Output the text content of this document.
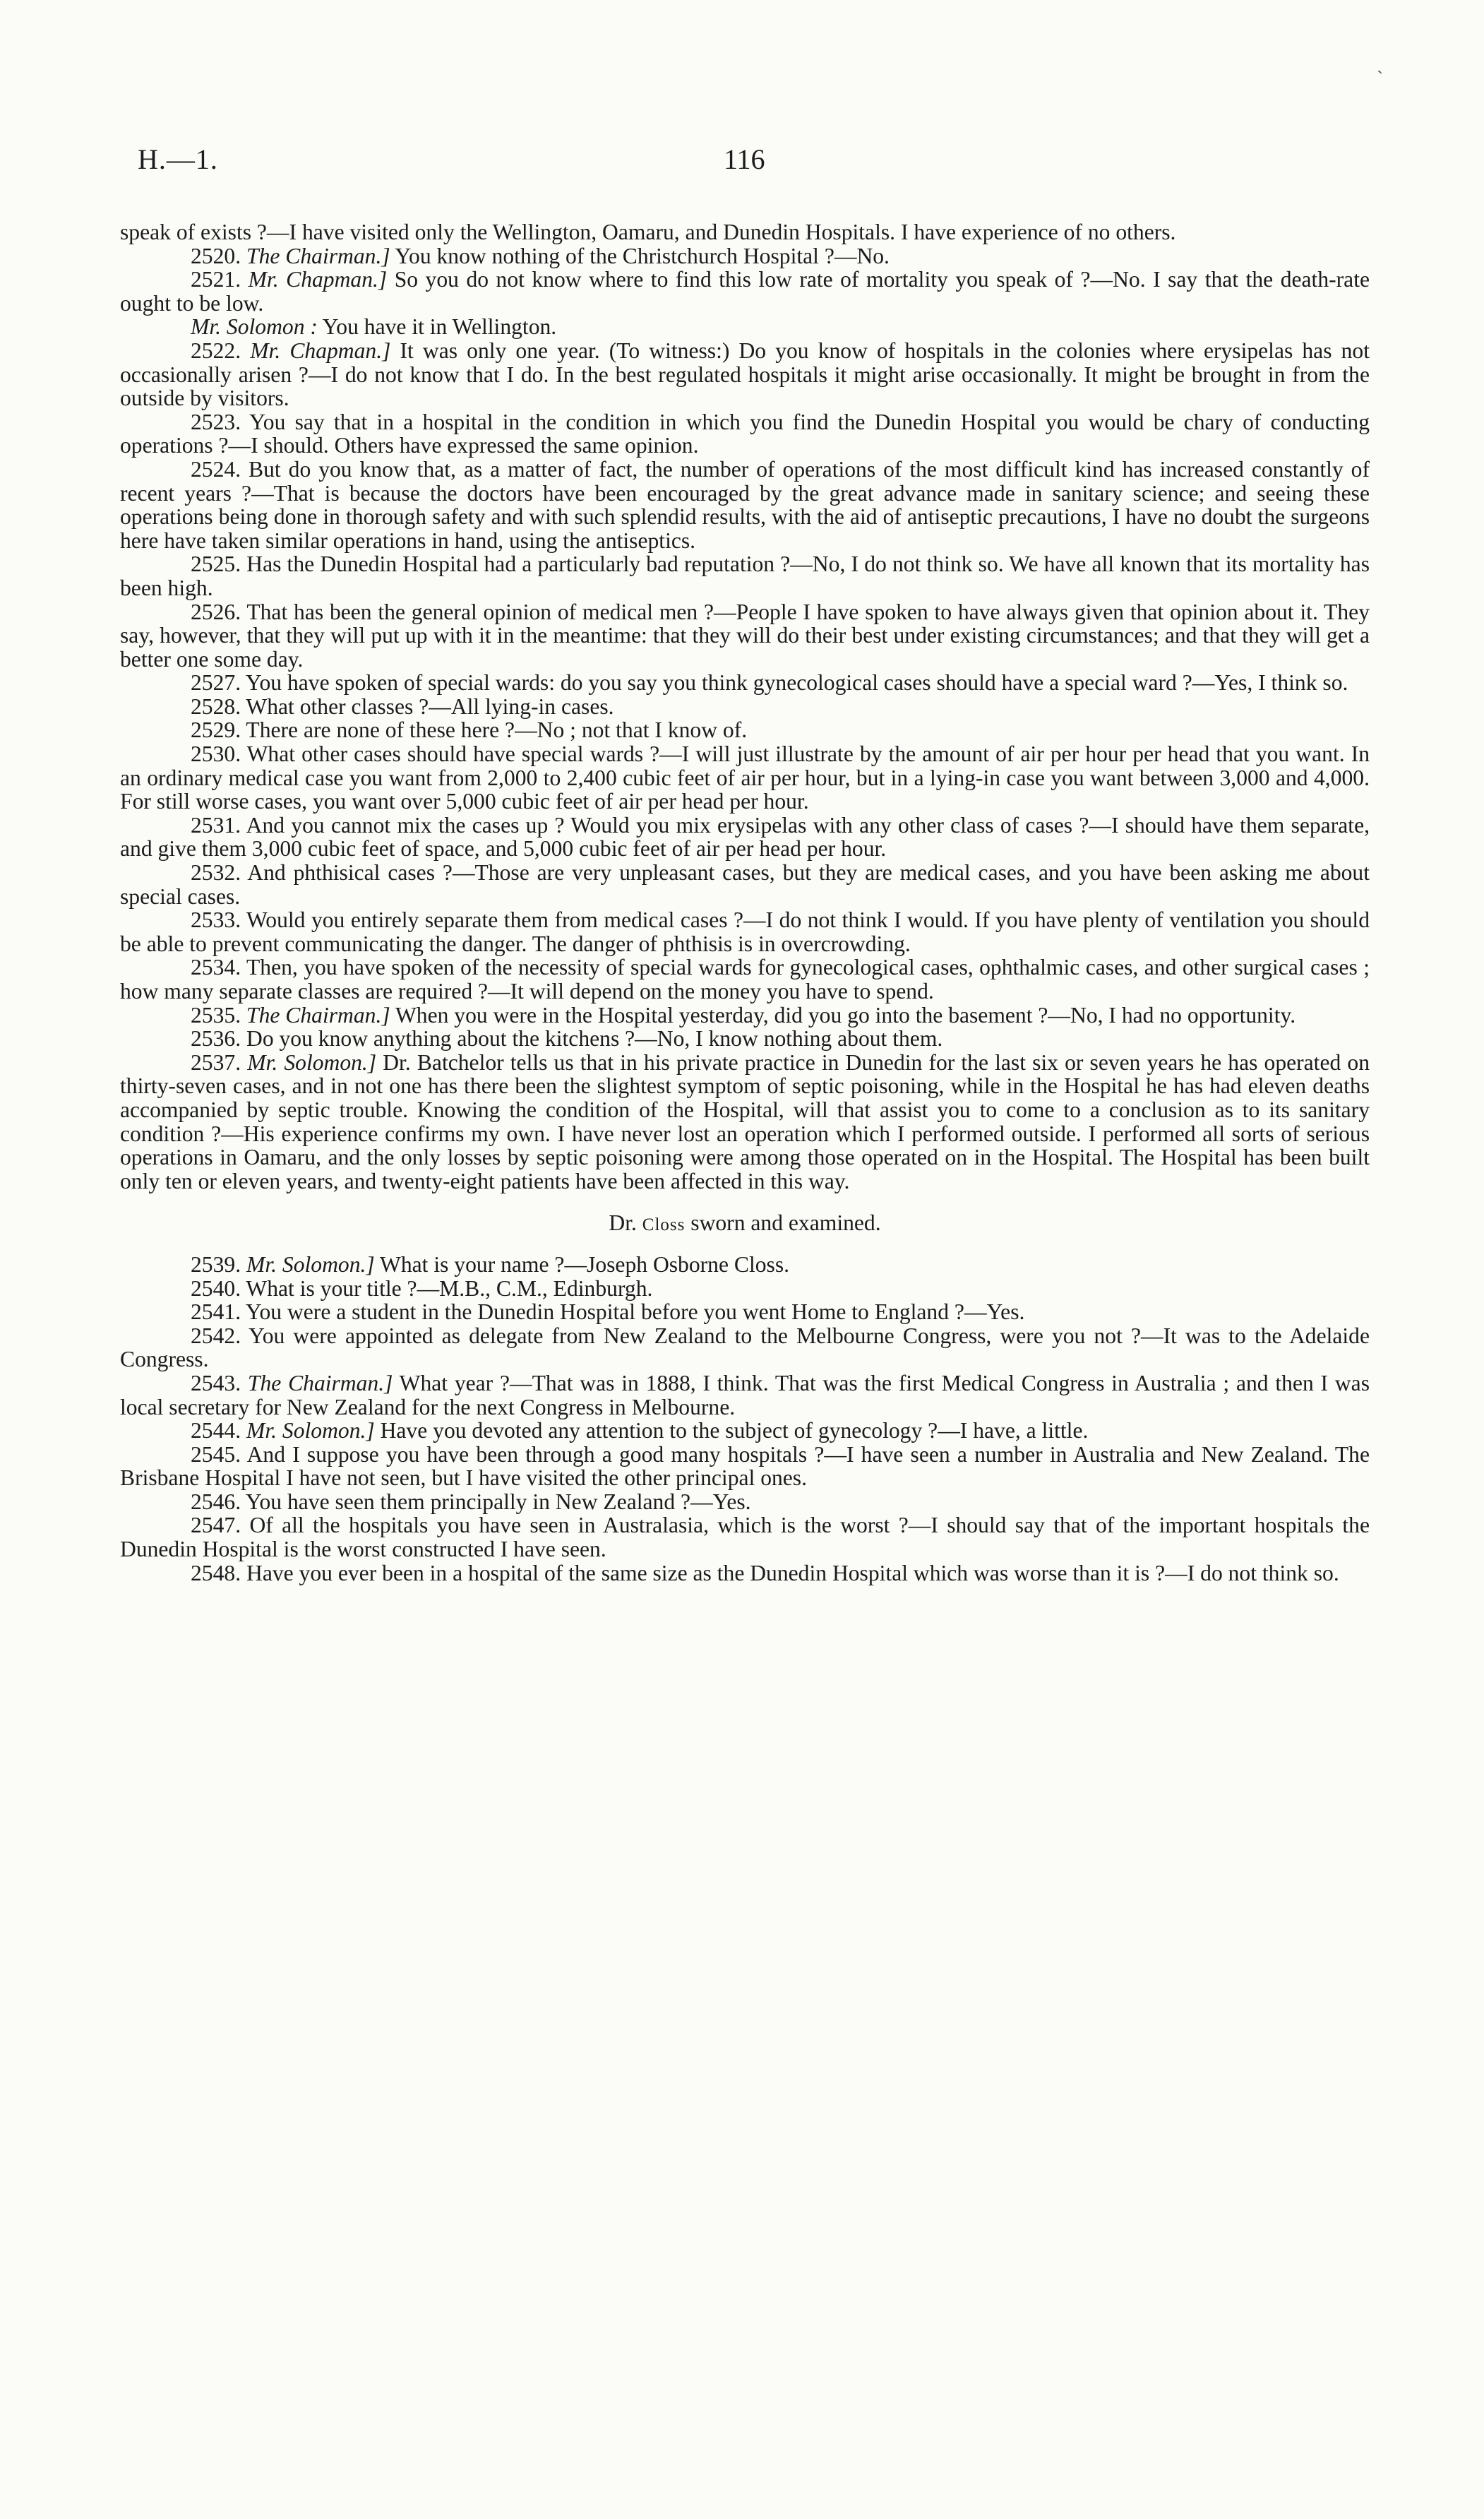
H.—1.	116
`

speak of exists ?—I have visited only the Wellington, Oamaru, and Dunedin Hospitals. I have experience of no others.

2520. The Chairman.] You know nothing of the Christchurch Hospital ?—No.

2521. Mr. Chapman.] So you do not know where to find this low rate of mortality you speak of ?—No. I say that the death-rate ought to be low.

Mr. Solomon : You have it in Wellington.

2522. Mr. Chapman.] It was only one year. (To witness:) Do you know of hospitals in the colonies where erysipelas has not occasionally arisen ?—I do not know that I do. In the best regulated hospitals it might arise occasionally. It might be brought in from the outside by visitors.

2523. You say that in a hospital in the condition in which you find the Dunedin Hospital you would be chary of conducting operations ?—I should. Others have expressed the same opinion.

2524. But do you know that, as a matter of fact, the number of operations of the most difficult kind has increased constantly of recent years ?—That is because the doctors have been encouraged by the great advance made in sanitary science; and seeing these operations being done in thorough safety and with such splendid results, with the aid of antiseptic precautions, I have no doubt the surgeons here have taken similar operations in hand, using the antiseptics.

2525. Has the Dunedin Hospital had a particularly bad reputation ?—No, I do not think so. We have all known that its mortality has been high.

2526. That has been the general opinion of medical men ?—People I have spoken to have always given that opinion about it. They say, however, that they will put up with it in the meantime: that they will do their best under existing circumstances; and that they will get a better one some day.

2527. You have spoken of special wards: do you say you think gynecological cases should have a special ward ?—Yes, I think so.

2528. What other classes ?—All lying-in cases.

2529. There are none of these here ?—No ; not that I know of.

2530. What other cases should have special wards ?—I will just illustrate by the amount of air per hour per head that you want. In an ordinary medical case you want from 2,000 to 2,400 cubic feet of air per hour, but in a lying-in case you want between 3,000 and 4,000. For still worse cases, you want over 5,000 cubic feet of air per head per hour.

2531. And you cannot mix the cases up ? Would you mix erysipelas with any other class of cases ?—I should have them separate, and give them 3,000 cubic feet of space, and 5,000 cubic feet of air per head per hour.

2532. And phthisical cases ?—Those are very unpleasant cases, but they are medical cases, and you have been asking me about special cases.

2533. Would you entirely separate them from medical cases ?—I do not think I would. If you have plenty of ventilation you should be able to prevent communicating the danger. The danger of phthisis is in overcrowding.

2534. Then, you have spoken of the necessity of special wards for gynecological cases, ophthalmic cases, and other surgical cases ; how many separate classes are required ?—It will depend on the money you have to spend.

2535. The Chairman.] When you were in the Hospital yesterday, did you go into the basement ?—No, I had no opportunity.

2536. Do you know anything about the kitchens ?—No, I know nothing about them.

2537. Mr. Solomon.] Dr. Batchelor tells us that in his private practice in Dunedin for the last six or seven years he has operated on thirty-seven cases, and in not one has there been the slightest symptom of septic poisoning, while in the Hospital he has had eleven deaths accompanied by septic trouble. Knowing the condition of the Hospital, will that assist you to come to a conclusion as to its sanitary condition ?—His experience confirms my own. I have never lost an operation which I performed outside. I performed all sorts of serious operations in Oamaru, and the only losses by septic poisoning were among those operated on in the Hospital. The Hospital has been built only ten or eleven years, and twenty-eight patients have been affected in this way.

Dr. Closs sworn and examined.

2539. Mr. Solomon.] What is your name ?—Joseph Osborne Closs.

2540. What is your title ?—M.B., C.M., Edinburgh.

2541. You were a student in the Dunedin Hospital before you went Home to England ?—Yes.

2542. You were appointed as delegate from New Zealand to the Melbourne Congress, were you not ?—It was to the Adelaide Congress.

2543. The Chairman.] What year ?—That was in 1888, I think. That was the first Medical Congress in Australia ; and then I was local secretary for New Zealand for the next Congress in Melbourne.

2544. Mr. Solomon.] Have you devoted any attention to the subject of gynecology ?—I have, a little.

2545. And I suppose you have been through a good many hospitals ?—I have seen a number in Australia and New Zealand. The Brisbane Hospital I have not seen, but I have visited the other principal ones.

2546. You have seen them principally in New Zealand ?—Yes.

2547. Of all the hospitals you have seen in Australasia, which is the worst ?—I should say that of the important hospitals the Dunedin Hospital is the worst constructed I have seen.

2548. Have you ever been in a hospital of the same size as the Dunedin Hospital which was worse than it is ?—I do not think so.
